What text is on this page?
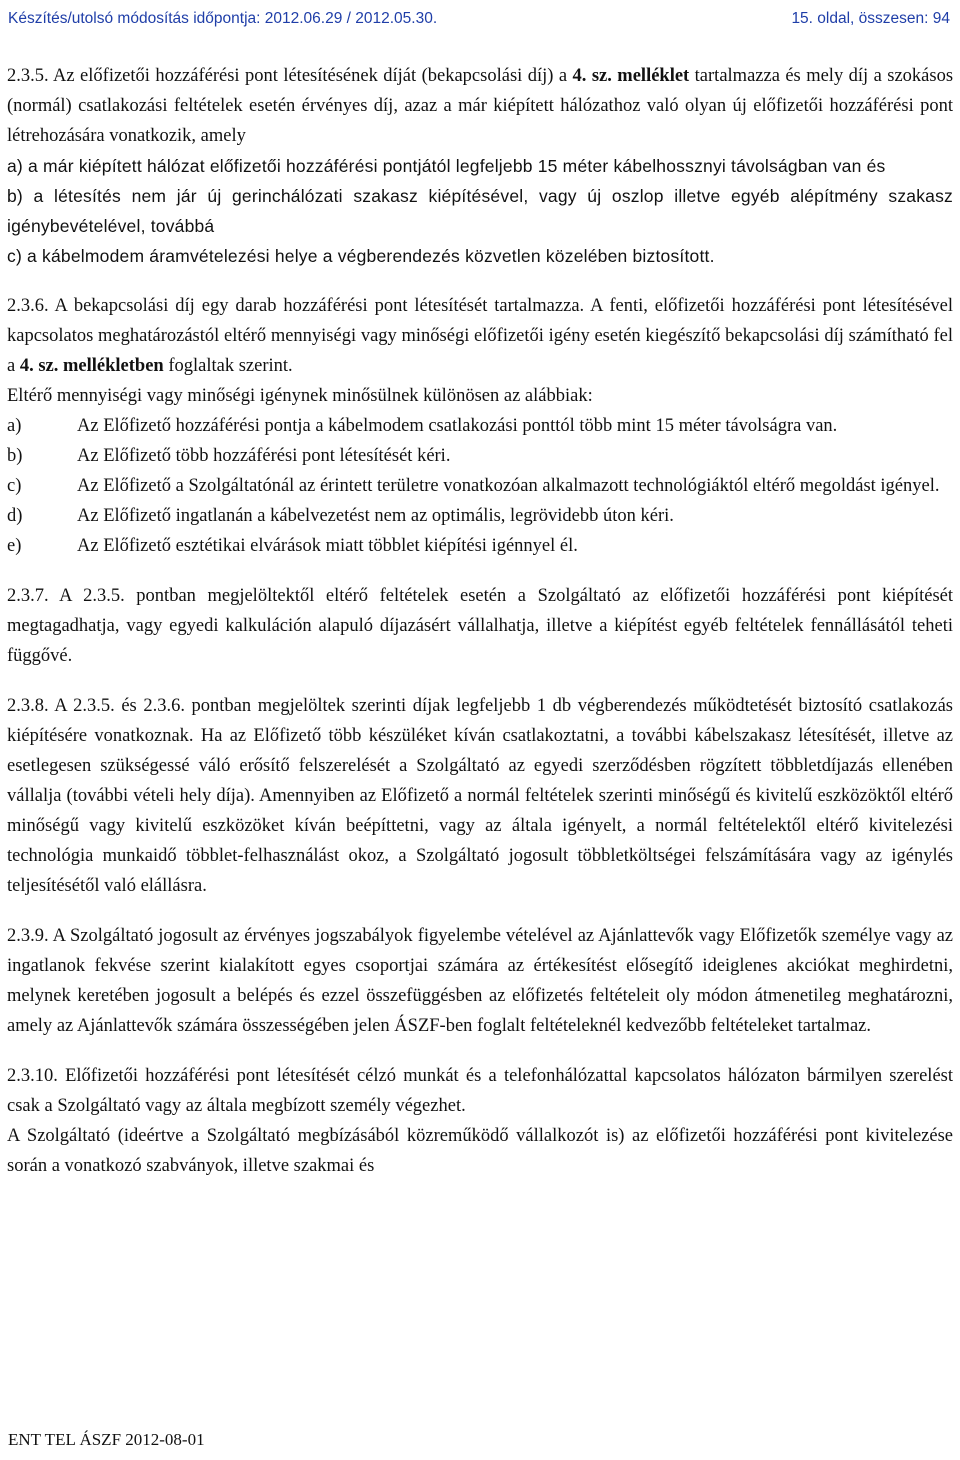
Készítés/utolsó módosítás időpontja: 2012.06.29 / 2012.05.30.	15. oldal, összesen: 94

2.3.5. Az előfizetői hozzáférési pont létesítésének díját (bekapcsolási díj) a 4. sz. melléklet tartalmazza és mely díj a szokásos (normál) csatlakozási feltételek esetén érvényes díj, azaz a már kiépített hálózathoz való olyan új előfizetői hozzáférési pont létrehozására vonatkozik, amely

a) a már kiépített hálózat előfizetői hozzáférési pontjától legfeljebb 15 méter kábelhossznyi távolságban van és

b) a létesítés nem jár új gerinchálózati szakasz kiépítésével, vagy új oszlop illetve egyéb alépítmény szakasz igénybevételével, továbbá

c) a kábelmodem áramvételezési helye a végberendezés közvetlen közelében biztosított.

2.3.6. A bekapcsolási díj egy darab hozzáférési pont létesítését tartalmazza. A fenti, előfizetői hozzáférési pont létesítésével kapcsolatos meghatározástól eltérő mennyiségi vagy minőségi előfizetői igény esetén kiegészítő bekapcsolási díj számítható fel a 4. sz. mellékletben foglaltak szerint.

Eltérő mennyiségi vagy minőségi igénynek minősülnek különösen az alábbiak:

a)	Az Előfizető hozzáférési pontja a kábelmodem csatlakozási ponttól több mint 15 méter távolságra van.
b)	Az Előfizető több hozzáférési pont létesítését kéri.
c)	Az Előfizető a Szolgáltatónál az érintett területre vonatkozóan alkalmazott technológiáktól eltérő megoldást igényel.
d)	Az Előfizető ingatlanán a kábelvezetést nem az optimális, legrövidebb úton kéri.
e)	Az Előfizető esztétikai elvárások miatt többlet kiépítési igénnyel él.

2.3.7. A 2.3.5. pontban megjelöltektől eltérő feltételek esetén a Szolgáltató az előfizetői hozzáférési pont kiépítését megtagadhatja, vagy egyedi kalkuláción alapuló díjazásért vállalhatja, illetve a kiépítést egyéb feltételek fennállásától teheti függővé.

2.3.8. A 2.3.5. és 2.3.6. pontban megjelöltek szerinti díjak legfeljebb 1 db végberendezés működtetését biztosító csatlakozás kiépítésére vonatkoznak. Ha az Előfizető több készüléket kíván csatlakoztatni, a további kábelszakasz létesítését, illetve az esetlegesen szükségessé váló erősítő felszerelését a Szolgáltató az egyedi szerződésben rögzített többletdíjazás ellenében vállalja (további vételi hely díja). Amennyiben az Előfizető a normál feltételek szerinti minőségű és kivitelű eszközöktől eltérő minőségű vagy kivitelű eszközöket kíván beépíttetni, vagy az általa igényelt, a normál feltételektől eltérő kivitelezési technológia munkaidő többlet-felhasználást okoz, a Szolgáltató jogosult többletköltségei felszámítására vagy az igénylés teljesítésétől való elállásra.

2.3.9. A Szolgáltató jogosult az érvényes jogszabályok figyelembe vételével az Ajánlattevők vagy Előfizetők személye vagy az ingatlanok fekvése szerint kialakított egyes csoportjai számára az értékesítést elősegítő ideiglenes akciókat meghirdetni, melynek keretében jogosult a belépés és ezzel összefüggésben az előfizetés feltételeit oly módon átmenetileg meghatározni, amely az Ajánlattevők számára összességében jelen ÁSZF-ben foglalt feltételeknél kedvezőbb feltételeket tartalmaz.

2.3.10. Előfizetői hozzáférési pont létesítését célzó munkát és a telefonhálózattal kapcsolatos hálózaton bármilyen szerelést csak a Szolgáltató vagy az általa megbízott személy végezhet.

A Szolgáltató (ideértve a Szolgáltató megbízásából közreműködő vállalkozót is) az előfizetői hozzáférési pont kivitelezése során a vonatkozó szabványok, illetve szakmai és

ENT TEL ÁSZF 2012-08-01
